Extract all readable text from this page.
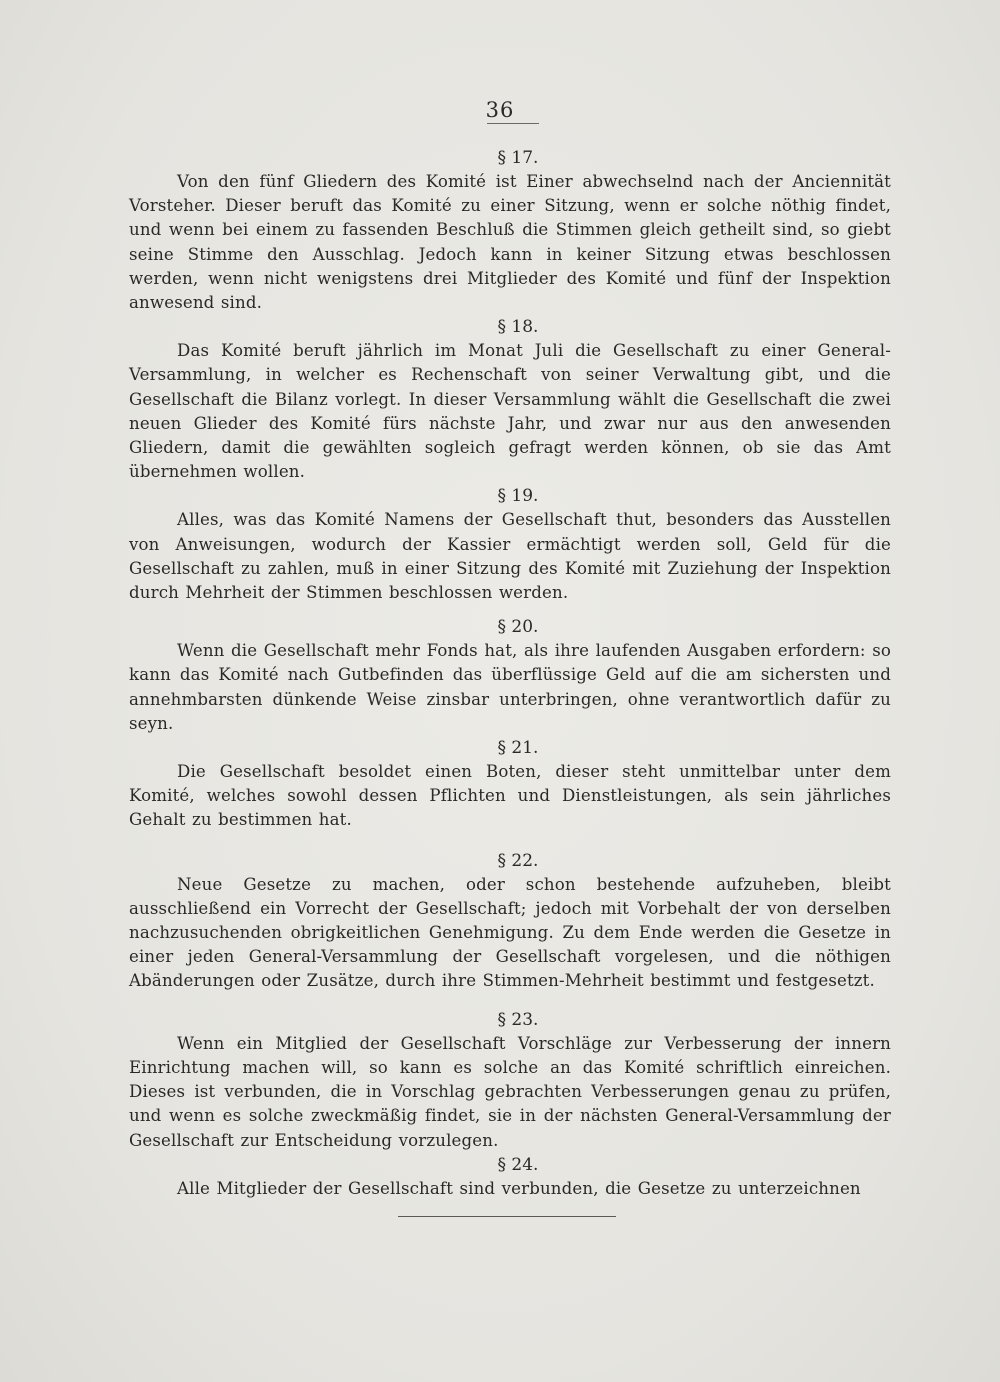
36
§ 17.

Von den fünf Gliedern des Komité ist Einer abwechselnd nach der Anciennität Vorsteher. Dieser beruft das Komité zu einer Sitzung, wenn er solche nöthig findet, und wenn bei einem zu fassenden Beschluß die Stimmen gleich getheilt sind, so giebt seine Stimme den Ausschlag. Jedoch kann in keiner Sitzung etwas beschlossen werden, wenn nicht wenigstens drei Mitglieder des Komité und fünf der Inspektion anwesend sind.

§ 18.

Das Komité beruft jährlich im Monat Juli die Gesellschaft zu einer General-Versammlung, in welcher es Rechenschaft von seiner Verwaltung gibt, und die Gesellschaft die Bilanz vorlegt. In dieser Versammlung wählt die Gesellschaft die zwei neuen Glieder des Komité fürs nächste Jahr, und zwar nur aus den anwesenden Gliedern, damit die gewählten sogleich gefragt werden können, ob sie das Amt übernehmen wollen.

§ 19.

Alles, was das Komité Namens der Gesellschaft thut, besonders das Ausstellen von Anweisungen, wodurch der Kassier ermächtigt werden soll, Geld für die Gesellschaft zu zahlen, muß in einer Sitzung des Komité mit Zuziehung der Inspektion durch Mehrheit der Stimmen beschlossen werden.

§ 20.

Wenn die Gesellschaft mehr Fonds hat, als ihre laufenden Ausgaben erfordern: so kann das Komité nach Gutbefinden das überflüssige Geld auf die am sichersten und annehmbarsten dünkende Weise zinsbar unterbringen, ohne verantwortlich dafür zu seyn.

§ 21.

Die Gesellschaft besoldet einen Boten, dieser steht unmittelbar unter dem Komité, welches sowohl dessen Pflichten und Dienstleistungen, als sein jährliches Gehalt zu bestimmen hat.

§ 22.

Neue Gesetze zu machen, oder schon bestehende aufzuheben, bleibt ausschließend ein Vorrecht der Gesellschaft; jedoch mit Vorbehalt der von derselben nachzusuchenden obrigkeitlichen Genehmigung. Zu dem Ende werden die Gesetze in einer jeden General-Versammlung der Gesellschaft vorgelesen, und die nöthigen Abänderungen oder Zusätze, durch ihre Stimmen-Mehrheit bestimmt und festgesetzt.

§ 23.

Wenn ein Mitglied der Gesellschaft Vorschläge zur Verbesserung der innern Einrichtung machen will, so kann es solche an das Komité schriftlich einreichen. Dieses ist verbunden, die in Vorschlag gebrachten Verbesserungen genau zu prüfen, und wenn es solche zweckmäßig findet, sie in der nächsten General-Versammlung der Gesellschaft zur Entscheidung vorzulegen.

§ 24.

Alle Mitglieder der Gesellschaft sind verbunden, die Gesetze zu unterzeichnen
